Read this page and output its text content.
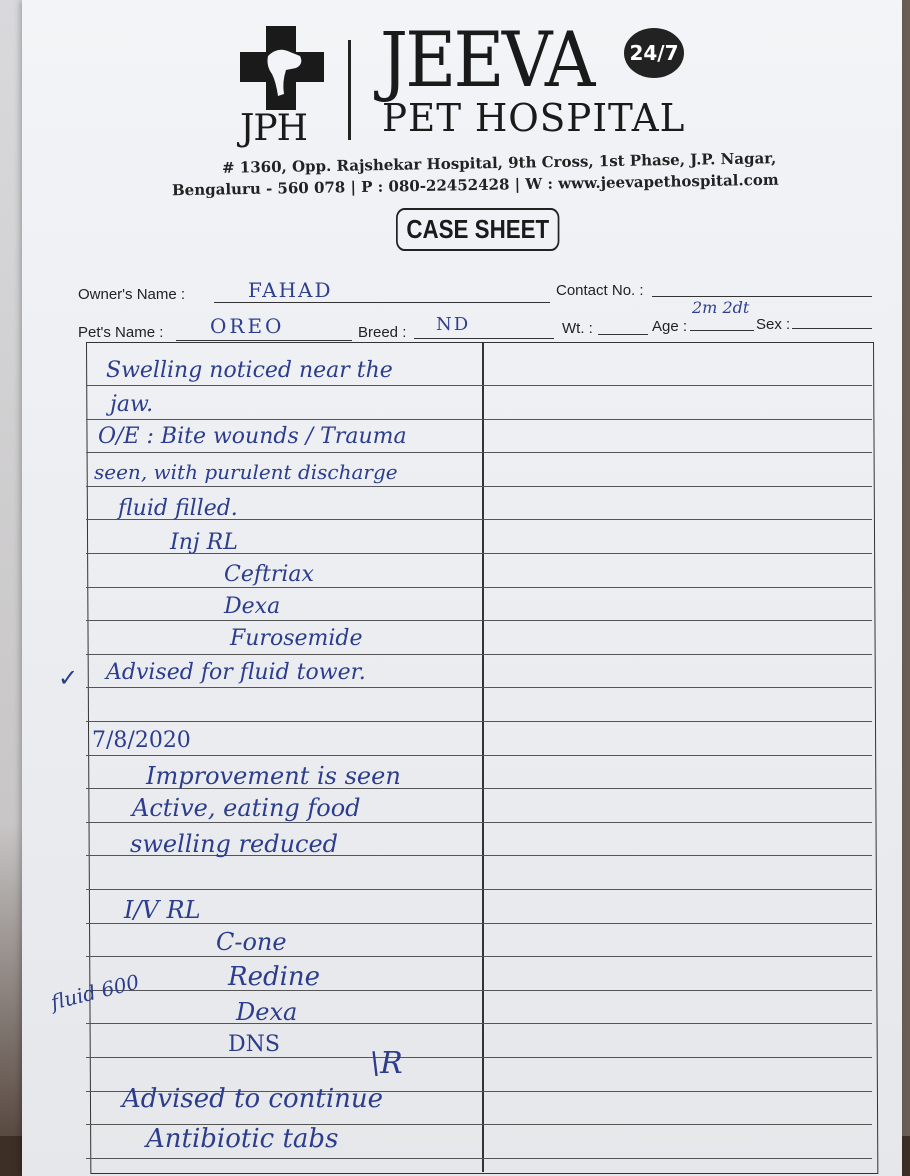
JPH
JEEVA 24/7
PET HOSPITAL
# 1360, Opp. Rajshekar Hospital, 9th Cross, 1st Phase, J.P. Nagar,
Bengaluru - 560 078 | P : 080-22452428 | W : www.jeevapethospital.com
CASE SHEET
Owner's Name :	FAHAD	Contact No. :
Pet's Name : OREO	Breed : ND	Wt. :	Age :
2m 2dt
Sex :
Swelling noticed near the
jaw.
O/E : Bite wounds / Trauma
seen, with purulent discharge
fluid filled.
Inj RL
Ceftriax
Dexa
Furosemide
✓ Advised for fluid tower.
7/8/2020
Improvement is seen
Active, eating food
swelling reduced
I/V RL
C-one
fluid 600	Redine
Dexa
DNS
\R
Advised to continue
Antibiotic tabs
